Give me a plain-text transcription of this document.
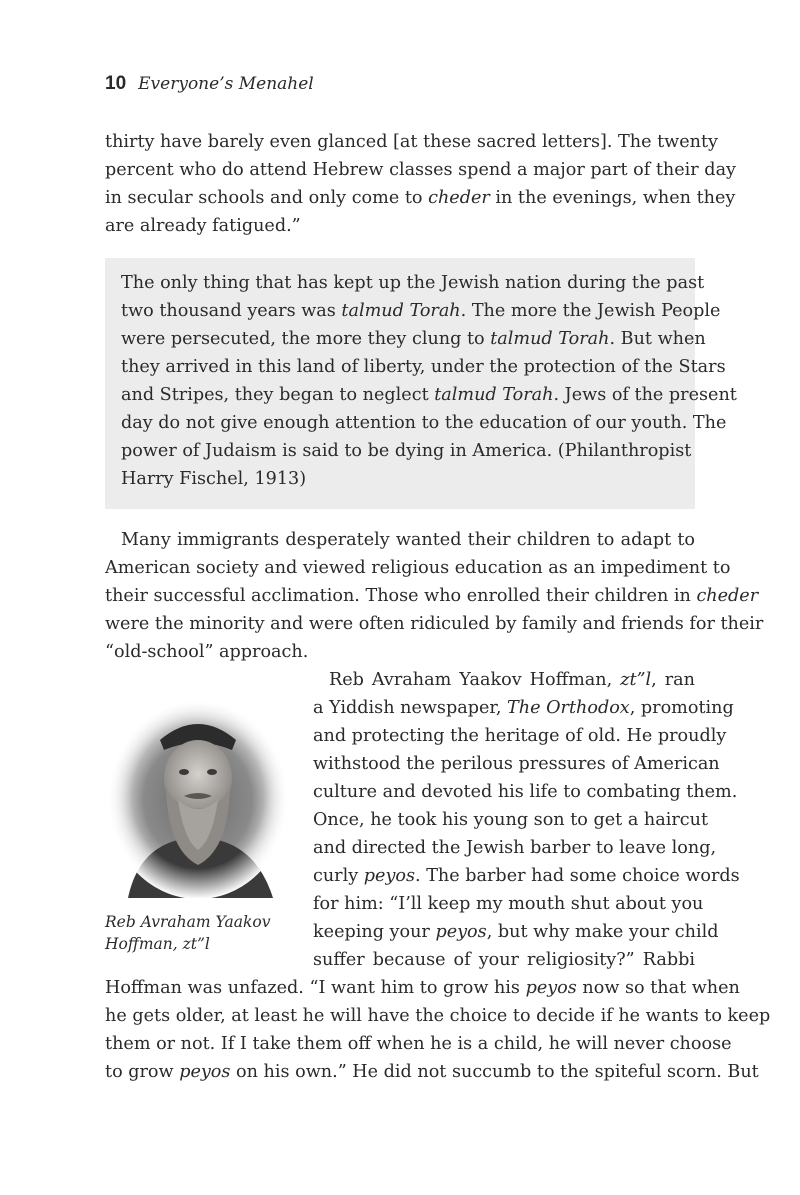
10 Everyone’s Menahel
thirty have barely even glanced [at these sacred letters]. The twenty
percent who do attend Hebrew classes spend a major part of their day
in secular schools and only come to cheder in the evenings, when they
are already fatigued.”
The only thing that has kept up the Jewish nation during the past
two thousand years was talmud Torah. The more the Jewish People
were persecuted, the more they clung to talmud Torah. But when
they arrived in this land of liberty, under the protection of the Stars
and Stripes, they began to neglect talmud Torah. Jews of the present
day do not give enough attention to the education of our youth. The
power of Judaism is said to be dying in America. (Philanthropist
Harry Fischel, 1913)
Many immigrants desperately wanted their children to adapt to
American society and viewed religious education as an impediment to
their successful acclimation. Those who enrolled their children in cheder
were the minority and were often ridiculed by family and friends for their
“old-school” approach.
Reb Avraham Yaakov Hoffman, zt”l, ran
a Yiddish newspaper, The Orthodox, promoting
and protecting the heritage of old. He proudly
withstood the perilous pressures of American
culture and devoted his life to combating them.
Once, he took his young son to get a haircut
and directed the Jewish barber to leave long,
curly peyos. The barber had some choice words
for him: “I’ll keep my mouth shut about you
keeping your peyos, but why make your child
suffer because of your religiosity?” Rabbi
Hoffman was unfazed. “I want him to grow his peyos now so that when
he gets older, at least he will have the choice to decide if he wants to keep
them or not. If I take them off when he is a child, he will never choose
to grow peyos on his own.” He did not succumb to the spiteful scorn. But
Reb Avraham Yaakov
Hoffman, zt”l
